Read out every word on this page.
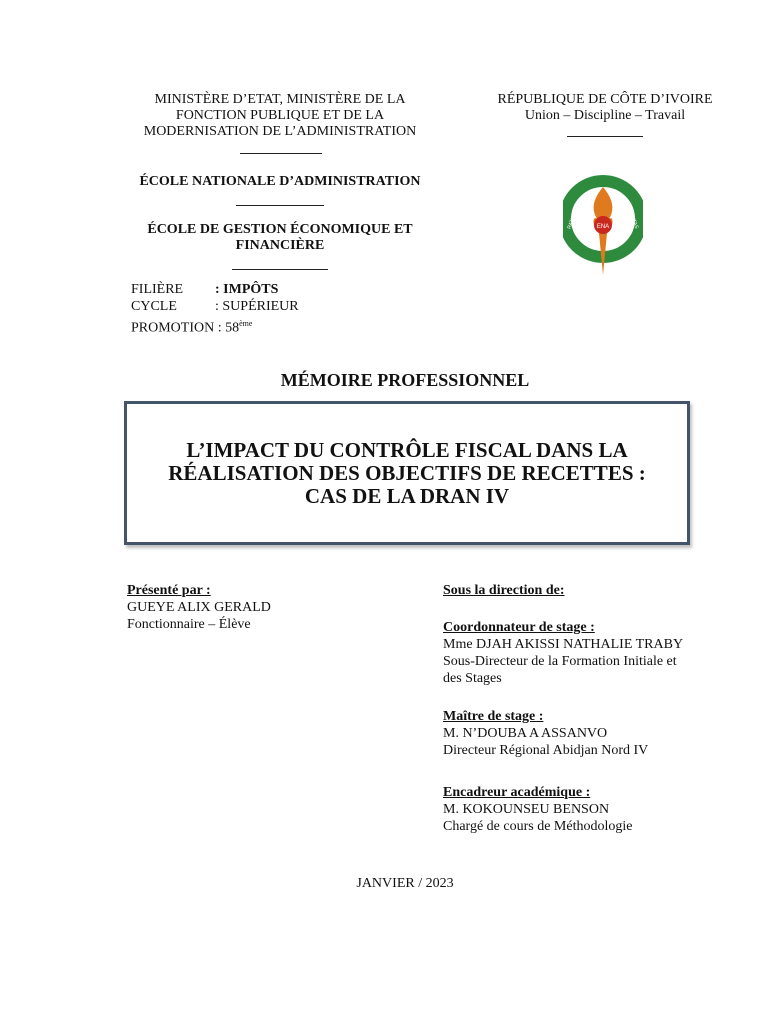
MINISTÈRE D’ETAT, MINISTÈRE DE LA
FONCTION PUBLIQUE ET DE LA
MODERNISATION DE L’ADMINISTRATION
ÉCOLE NATIONALE D’ADMINISTRATION
ÉCOLE DE GESTION ÉCONOMIQUE ET
FINANCIÈRE
RÉPUBLIQUE DE CÔTE D’IVOIRE
Union – Discipline – Travail
ENA
RATIONE	VERITAS
FILIÈRE : IMPÔTS
CYCLE	: SUPÉRIEUR
PROMOTION : 58ème
MÉMOIRE PROFESSIONNEL
L’IMPACT DU CONTRÔLE FISCAL DANS LA
RÉALISATION DES OBJECTIFS DE RECETTES :
CAS DE LA DRAN IV
Présenté par :
GUEYE ALIX GERALD
Fonctionnaire – Élève
Sous la direction de:
Coordonnateur de stage :
Mme DJAH AKISSI NATHALIE TRABY
Sous-Directeur de la Formation Initiale et
des Stages
Maître de stage :
M. N’DOUBA A ASSANVO
Directeur Régional Abidjan Nord IV
Encadreur académique :
M. KOKOUNSEU BENSON
Chargé de cours de Méthodologie
JANVIER / 2023
